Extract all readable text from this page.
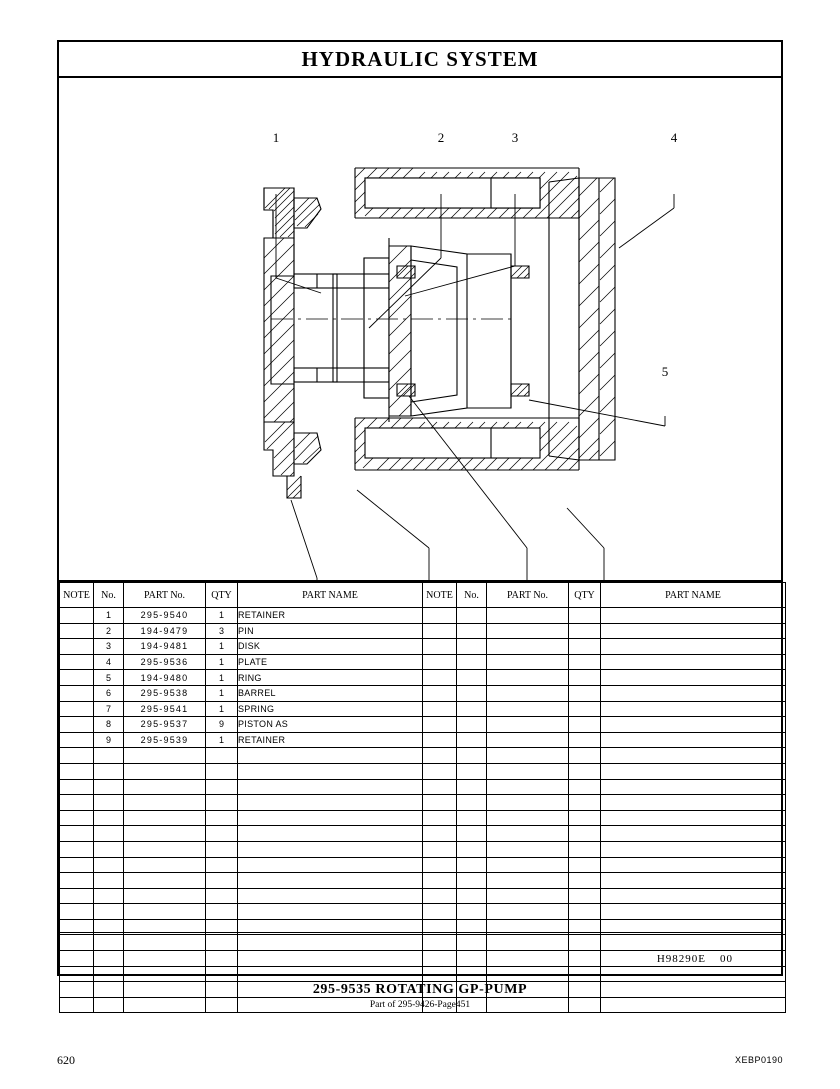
HYDRAULIC SYSTEM
1	2	3	4
5
NOTE	No.	PART No.	QTY	PART NAME	NOTE	No.	PART No.	QTY	PART NAME
	1	295-9540	1	RETAINER					
	2	194-9479	3	PIN					
	3	194-9481	1	DISK					
	4	295-9536	1	PLATE					
	5	194-9480	1	RING					
	6	295-9538	1	BARREL					
	7	295-9541	1	SPRING					
	8	295-9537	9	PISTON AS					
	9	295-9539	1	RETAINER					

H98290E 00
295-9535 ROTATING GP-PUMP
Part of 295-9426-Page451
620	XEBP0190
